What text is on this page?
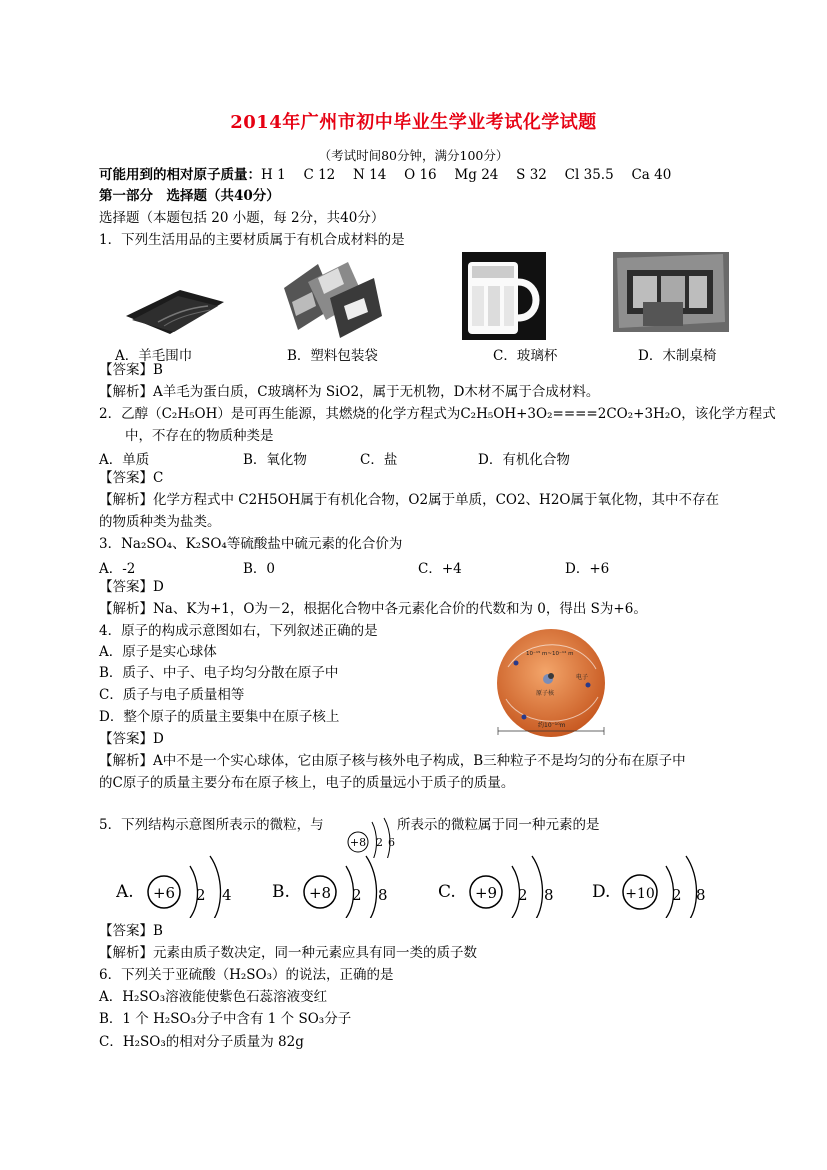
2014年广州市初中毕业生学业考试化学试题
（考试时间80分钟，满分100分）
可能用到的相对原子质量：H 1　 C 12　 N 14　 O 16　 Mg 24　 S 32　 Cl 35.5　 Ca 40
第一部分　选择题（共40分）
选择题（本题包括 20 小题，每 2分，共40分）
1．下列生活用品的主要材质属于有机合成材料的是
A．羊毛围巾	B．塑料包装袋	C．玻璃杯	D．木制桌椅
【答案】B
【解析】A羊毛为蛋白质，C玻璃杯为 SiO2，属于无机物，D木材不属于合成材料。
2．乙醇（C₂H₅OH）是可再生能源，其燃烧的化学方程式为C₂H₅OH+3O₂====2CO₂+3H₂O，该化学方程式
中，不存在的物质种类是
A．单质	B．氧化物	C．盐	D．有机化合物
【答案】C
【解析】化学方程式中 C2H5OH属于有机化合物，O2属于单质，CO2、H2O属于氧化物，其中不存在
的物质种类为盐类。
3．Na₂SO₄、K₂SO₄等硫酸盐中硫元素的化合价为
A．-2	B．0	C．+4	D．+6
【答案】D
【解析】Na、K为+1，O为－2，根据化合物中各元素化合价的代数和为 0，得出 S为+6。
4．原子的构成示意图如右，下列叙述正确的是
A．原子是实心球体
B．质子、中子、电子均匀分散在原子中
C．质子与电子质量相等
D．整个原子的质量主要集中在原子核上
【答案】D
【解析】A中不是一个实心球体，它由原子核与核外电子构成，B三种粒子不是均匀的分布在原子中
的C原子的质量主要分布在原子核上，电子的质量远小于质子的质量。
10⁻¹⁵ m~10⁻¹⁴ m
电子
原子核
约10⁻¹⁰m
5．下列结构示意图所表示的微粒，与
+8 2 6
所表示的微粒属于同一种元素的是
A. +6 2 4 B. +8 2 8	C. +9 2 8 D. +10 2 8
【答案】B
【解析】元素由质子数决定，同一种元素应具有同一类的质子数
6．下列关于亚硫酸（H₂SO₃）的说法，正确的是
A．H₂SO₃溶液能使紫色石蕊溶液变红
B．1 个 H₂SO₃分子中含有 1 个 SO₃分子
C．H₂SO₃的相对分子质量为 82g
